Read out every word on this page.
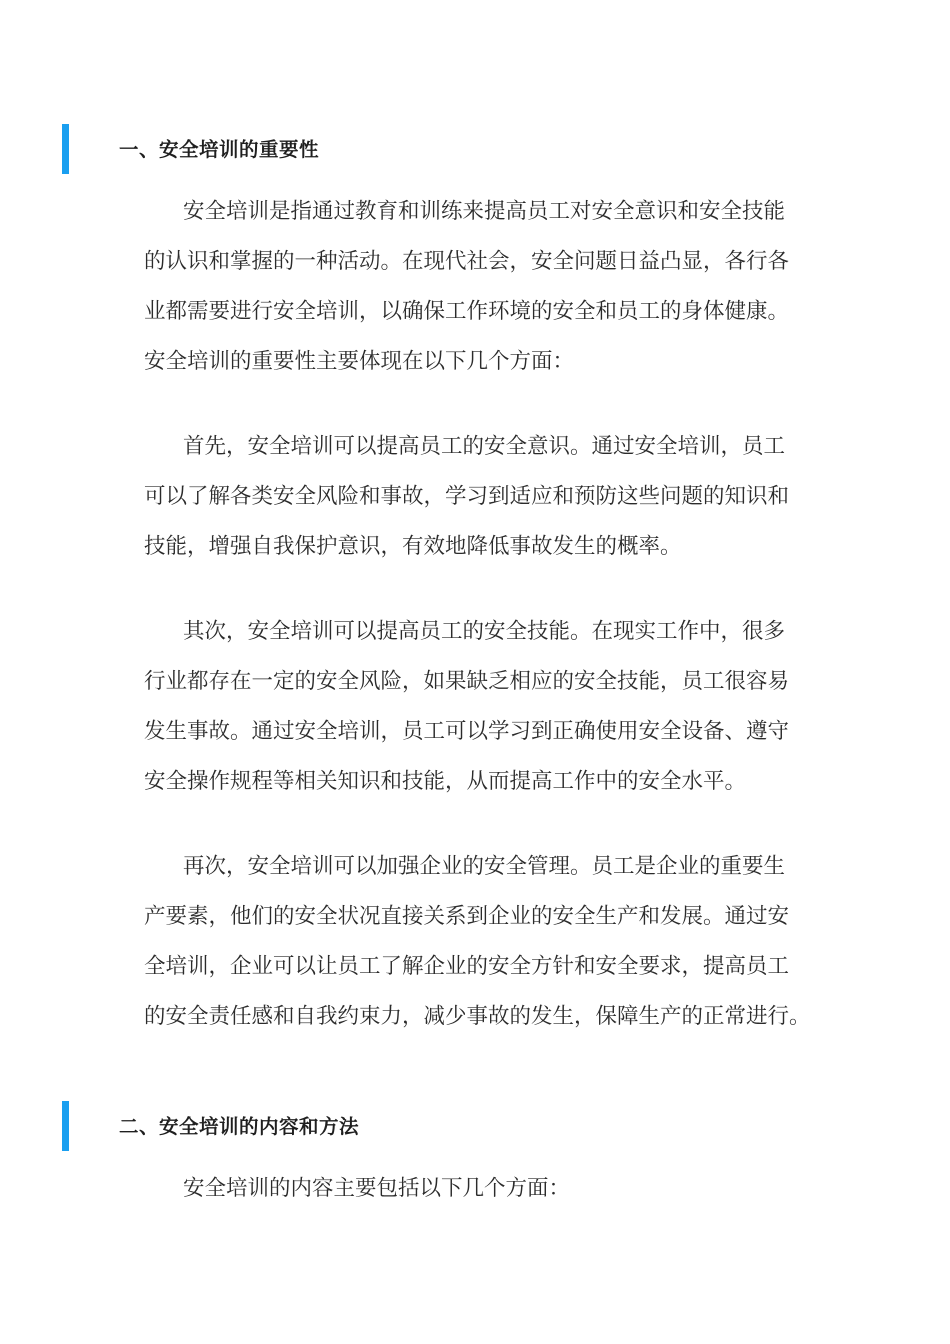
一、安全培训的重要性
安全培训是指通过教育和训练来提高员工对安全意识和安全技能
的认识和掌握的一种活动。在现代社会，安全问题日益凸显，各行各
业都需要进行安全培训，以确保工作环境的安全和员工的身体健康。
安全培训的重要性主要体现在以下几个方面：
首先，安全培训可以提高员工的安全意识。通过安全培训，员工
可以了解各类安全风险和事故，学习到适应和预防这些问题的知识和
技能，增强自我保护意识，有效地降低事故发生的概率。
其次，安全培训可以提高员工的安全技能。在现实工作中，很多
行业都存在一定的安全风险，如果缺乏相应的安全技能，员工很容易
发生事故。通过安全培训，员工可以学习到正确使用安全设备、遵守
安全操作规程等相关知识和技能，从而提高工作中的安全水平。
再次，安全培训可以加强企业的安全管理。员工是企业的重要生
产要素，他们的安全状况直接关系到企业的安全生产和发展。通过安
全培训，企业可以让员工了解企业的安全方针和安全要求，提高员工
的安全责任感和自我约束力，减少事故的发生，保障生产的正常进行。
二、安全培训的内容和方法
安全培训的内容主要包括以下几个方面：
